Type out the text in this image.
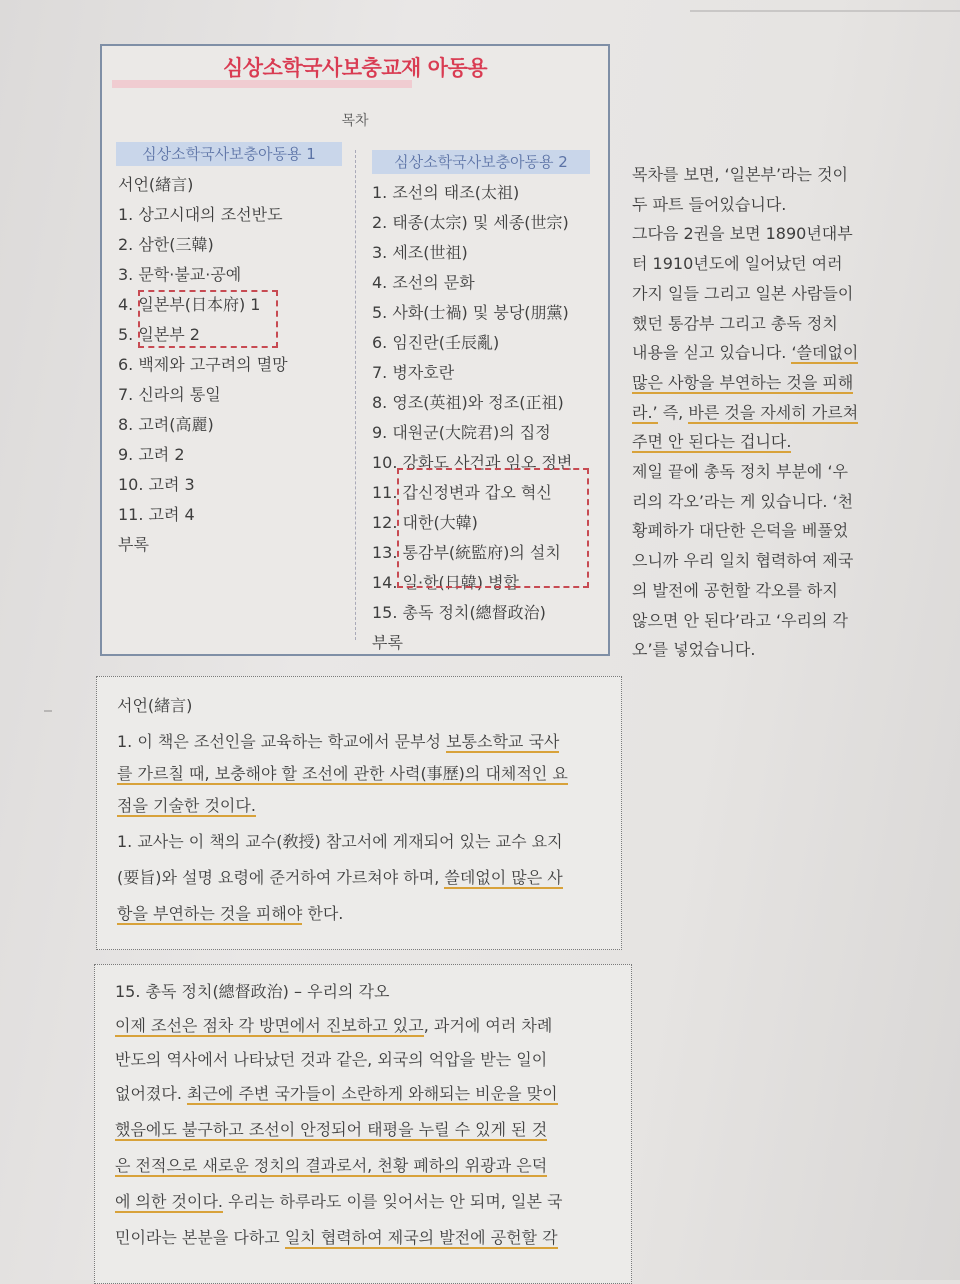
심상소학국사보충교재 아동용
목차
심상소학국사보충아동용 1	심상소학국사보충아동용 2
서언(緖言)
1. 상고시대의 조선반도
2. 삼한(三韓)
3. 문학·불교·공예
4. 일본부(日本府) 1
5. 일본부 2
6. 백제와 고구려의 멸망
7. 신라의 통일
8. 고려(高麗)
9. 고려 2
10. 고려 3
11. 고려 4
부록
1. 조선의 태조(太祖)
2. 태종(太宗) 및 세종(世宗)
3. 세조(世祖)
4. 조선의 문화
5. 사화(士禍) 및 붕당(朋黨)
6. 임진란(壬辰亂)
7. 병자호란
8. 영조(英祖)와 정조(正祖)
9. 대원군(大院君)의 집정
10. 강화도 사건과 임오 정변
11. 갑신정변과 갑오 혁신
12. 대한(大韓)
13. 통감부(統監府)의 설치
14. 일·한(日韓) 병합
15. 총독 정치(總督政治)
부록
목차를 보면, ‘일본부’라는 것이
두 파트 들어있습니다.
그다음 2권을 보면 1890년대부
터 1910년도에 일어났던 여러
가지 일들 그리고 일본 사람들이
했던 통감부 그리고 총독 정치
내용을 싣고 있습니다. ‘쓸데없이
많은 사항을 부연하는 것을 피해
라.’ 즉, 바른 것을 자세히 가르쳐
주면 안 된다는 겁니다.
제일 끝에 총독 정치 부분에 ‘우
리의 각오’라는 게 있습니다. ‘천
황폐하가 대단한 은덕을 베풀었
으니까 우리 일치 협력하여 제국
의 발전에 공헌할 각오를 하지
않으면 안 된다’라고 ‘우리의 각
오’를 넣었습니다.
서언(緖言)
1. 이 책은 조선인을 교육하는 학교에서 문부성 보통소학교 국사
를 가르칠 때, 보충해야 할 조선에 관한 사력(事歷)의 대체적인 요
점을 기술한 것이다.
1. 교사는 이 책의 교수(敎授) 참고서에 게재되어 있는 교수 요지
(要旨)와 설명 요령에 준거하여 가르쳐야 하며, 쓸데없이 많은 사
항을 부연하는 것을 피해야 한다.
15. 총독 정치(總督政治) – 우리의 각오
이제 조선은 점차 각 방면에서 진보하고 있고, 과거에 여러 차례
반도의 역사에서 나타났던 것과 같은, 외국의 억압을 받는 일이
없어졌다. 최근에 주변 국가들이 소란하게 와해되는 비운을 맞이
했음에도 불구하고 조선이 안정되어 태평을 누릴 수 있게 된 것
은 전적으로 새로운 정치의 결과로서, 천황 폐하의 위광과 은덕
에 의한 것이다. 우리는 하루라도 이를 잊어서는 안 되며, 일본 국
민이라는 본분을 다하고 일치 협력하여 제국의 발전에 공헌할 각
